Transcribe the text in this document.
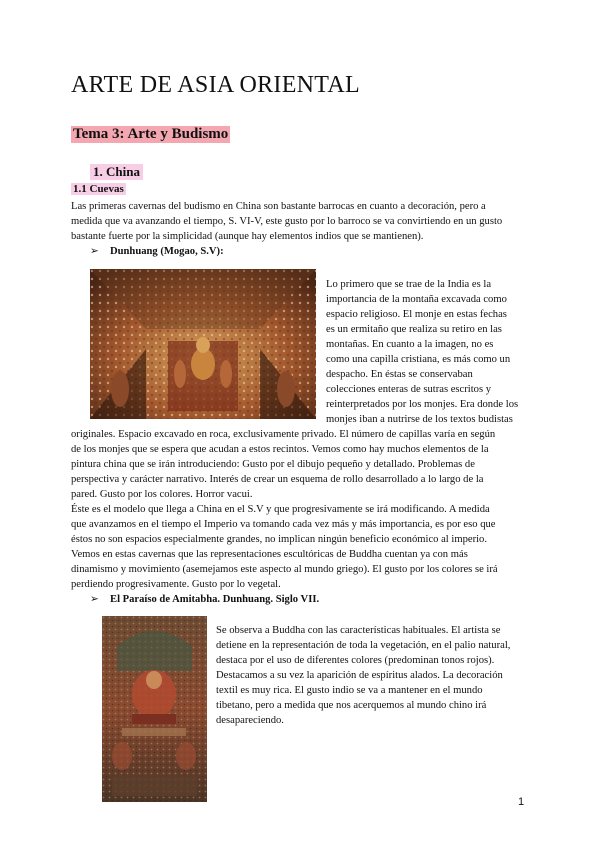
ARTE DE ASIA ORIENTAL
Tema 3: Arte y Budismo
1. China
1.1 Cuevas

Las primeras cavernas del budismo en China son bastante barrocas en cuanto a decoración, pero a

medida que va avanzando el tiempo, S. VI-V, este gusto por lo barroco se va convirtiendo en un gusto

bastante fuerte por la simplicidad (aunque hay elementos indios que se mantienen).

➢ Dunhuang (Mogao, S.V):

Lo primero que se trae de la India es la

importancia de la montaña excavada como

espacio religioso. El monje en estas fechas

es un ermitaño que realiza su retiro en las

montañas. En cuanto a la imagen, no es

como una capilla cristiana, es más como un

despacho. En éstas se conservaban

colecciones enteras de sutras escritos y

reinterpretados por los monjes. Era donde los

monjes iban a nutrirse de los textos budistas

originales. Espacio excavado en roca, exclusivamente privado. El número de capillas varía en según

de los monjes que se espera que acudan a estos recintos. Vemos como hay muchos elementos de la

pintura china que se irán introduciendo: Gusto por el dibujo pequeño y detallado. Problemas de

perspectiva y carácter narrativo. Interés de crear un esquema de rollo desarrollado a lo largo de la

pared. Gusto por los colores. Horror vacui.

Éste es el modelo que llega a China en el S.V y que progresivamente se irá modificando. A medida

que avanzamos en el tiempo el Imperio va tomando cada vez más y más importancia, es por eso que

éstos no son espacios especialmente grandes, no implican ningún beneficio económico al imperio.

Vemos en estas cavernas que las representaciones escultóricas de Buddha cuentan ya con más

dinamismo y movimiento (asemejamos este aspecto al mundo griego). El gusto por los colores se irá

perdiendo progresivamente. Gusto por lo vegetal.

➢ El Paraíso de Amitabha. Dunhuang. Siglo VII.

Se observa a Buddha con las características habituales. El artista se

detiene en la representación de toda la vegetación, en el palio natural,

destaca por el uso de diferentes colores (predominan tonos rojos).

Destacamos a su vez la aparición de espíritus alados. La decoración

textil es muy rica. El gusto indio se va a mantener en el mundo

tibetano, pero a medida que nos acerquemos al mundo chino irá

desapareciendo.

1
